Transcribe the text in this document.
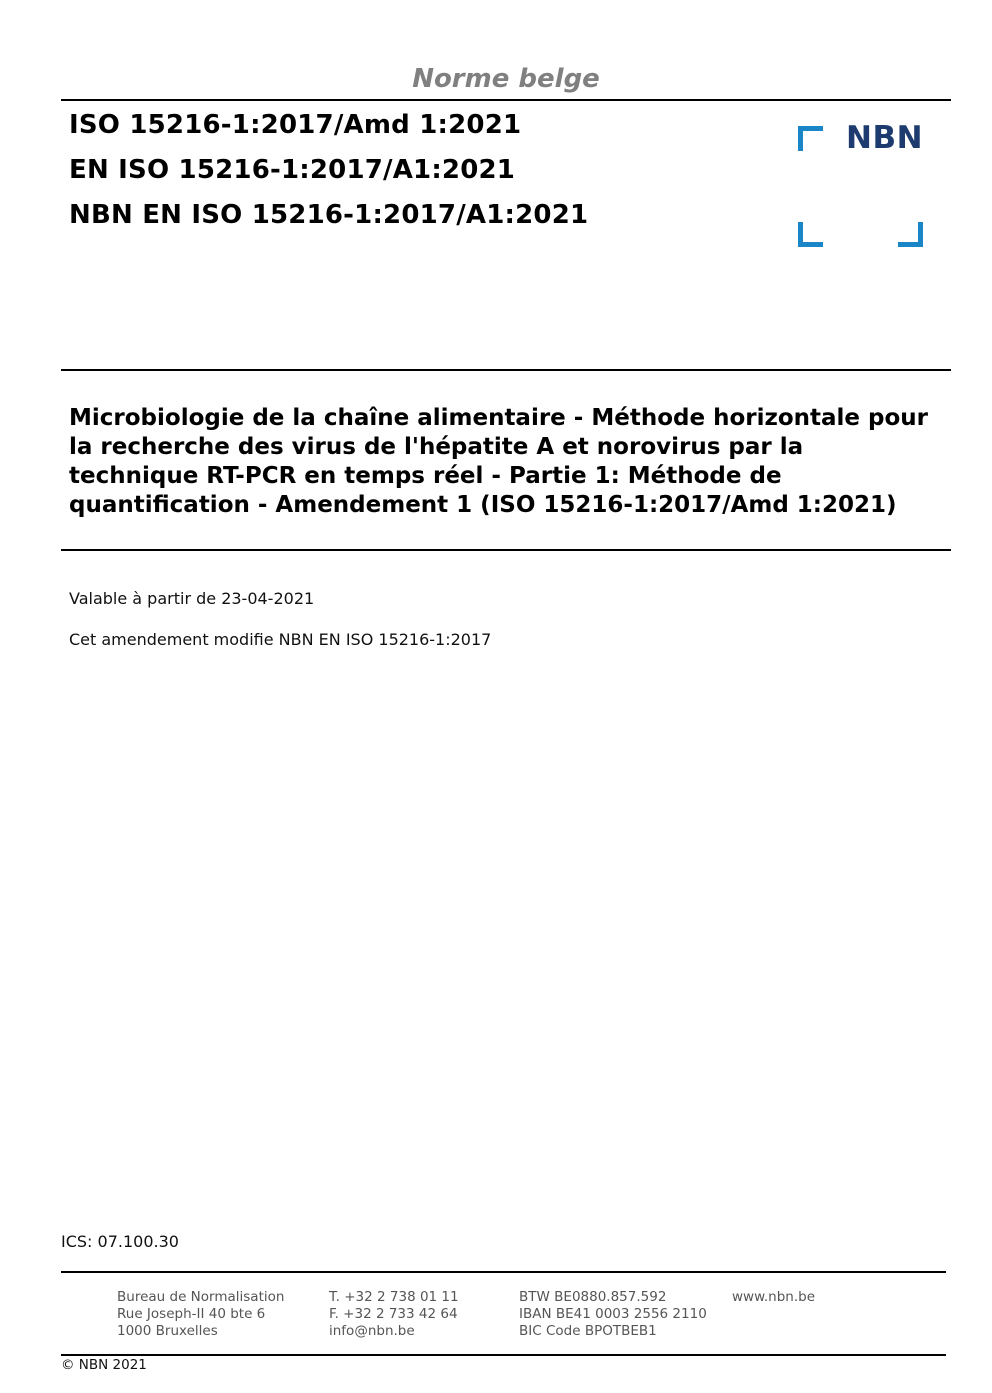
Norme belge
ISO 15216-1:2017/Amd 1:2021
EN ISO 15216-1:2017/A1:2021
NBN EN ISO 15216-1:2017/A1:2021
NBN
Microbiologie de la chaîne alimentaire - Méthode horizontale pour
la recherche des virus de l'hépatite A et norovirus par la
technique RT-PCR en temps réel - Partie 1: Méthode de
quantification - Amendement 1 (ISO 15216-1:2017/Amd 1:2021)
Valable à partir de 23-04-2021
Cet amendement modifie NBN EN ISO 15216-1:2017
ICS: 07.100.30
Bureau de Normalisation
Rue Joseph-II 40 bte 6
1000 Bruxelles
T. +32 2 738 01 11
F. +32 2 733 42 64
info@nbn.be
BTW BE0880.857.592
IBAN BE41 0003 2556 2110
BIC Code BPOTBEB1
www.nbn.be
© NBN 2021
